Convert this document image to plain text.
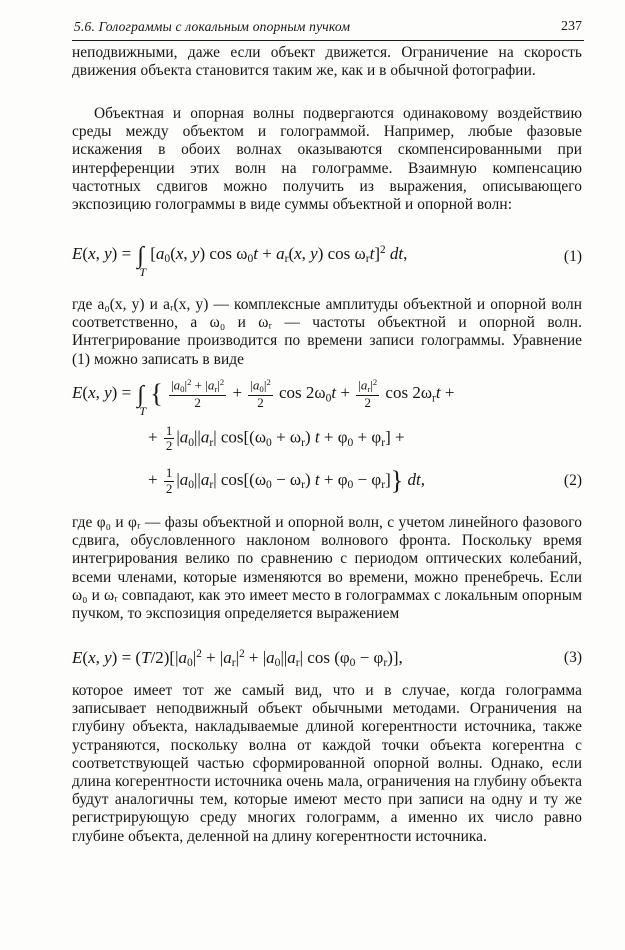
5.6. Голограммы с локальным опорным пучком	237

неподвижными, даже если объект движется. Ограничение на скорость движения объекта становится таким же, как и в обычной фотографии.

Объектная и опорная волны подвергаются одинаковому воздействию среды между объектом и голограммой. Например, любые фазовые искажения в обоих волнах оказываются скомпенсированными при интерференции этих волн на голограмме. Взаимную компенсацию частотных сдвигов можно получить из выражения, описывающего экспозицию голограммы в виде суммы объектной и опорной волн:

E(x, y) = ∫
T
[$a_0(x$, y) $\cos \omega_0t + a_r(x$, y) $\cos \omega_rt]^2$ dt,	(1)

где a₀(x, y) и aᵣ(x, y) — комплексные амплитуды объектной и опорной волн соответственно, а ω₀ и ωᵣ — частоты объектной и опорной волн. Интегрирование производится по времени записи голограммы. Уравнение (1) можно записать в виде

E(x, y) = ∫
T
{ $\frac{|a_0|^2 + |a_r|^2}{2} + \frac{|a_0|^2}{2}$ $\cos 2\omega_0t + \frac{|a_r|^2}{2}$ $\cos 2\omega_rt$ +
+ $\frac{1}{2} |a_0||a_r|$ $\cos[(\omega_0 + \omega_r) t + \varphi_0 + \varphi_r]$ +
+ $\frac{1}{2} |a_0||a_r|$ $\cos[(\omega_0 - \omega_r) t + \varphi_0 - \varphi_r]$} dt,	(2)

где φ₀ и φᵣ — фазы объектной и опорной волн, с учетом линейного фазового сдвига, обусловленного наклоном волнового фронта. Поскольку время интегрирования велико по сравнению с периодом оптических колебаний, всеми членами, которые изменяются во времени, можно пренебречь. Если ω₀ и ωᵣ совпадают, как это имеет место в голограммах с локальным опорным пучком, то экспозиция определяется выражением

E(x, $y) = (T/2)[|a_0|^2 + |a_r|^2 + |a_0||a_r|$ $\cos (\varphi_0 - \varphi_r)$],	(3)

которое имеет тот же самый вид, что и в случае, когда голограмма записывает неподвижный объект обычными методами. Ограничения на глубину объекта, накладываемые длиной когерентности источника, также устраняются, поскольку волна от каждой точки объекта когерентна с соответствующей частью сформированной опорной волны. Однако, если длина когерентности источника очень мала, ограничения на глубину объекта будут аналогичны тем, которые имеют место при записи на одну и ту же регистрирующую среду многих голограмм, а именно их число равно глубине объекта, деленной на длину когерентности источника.
